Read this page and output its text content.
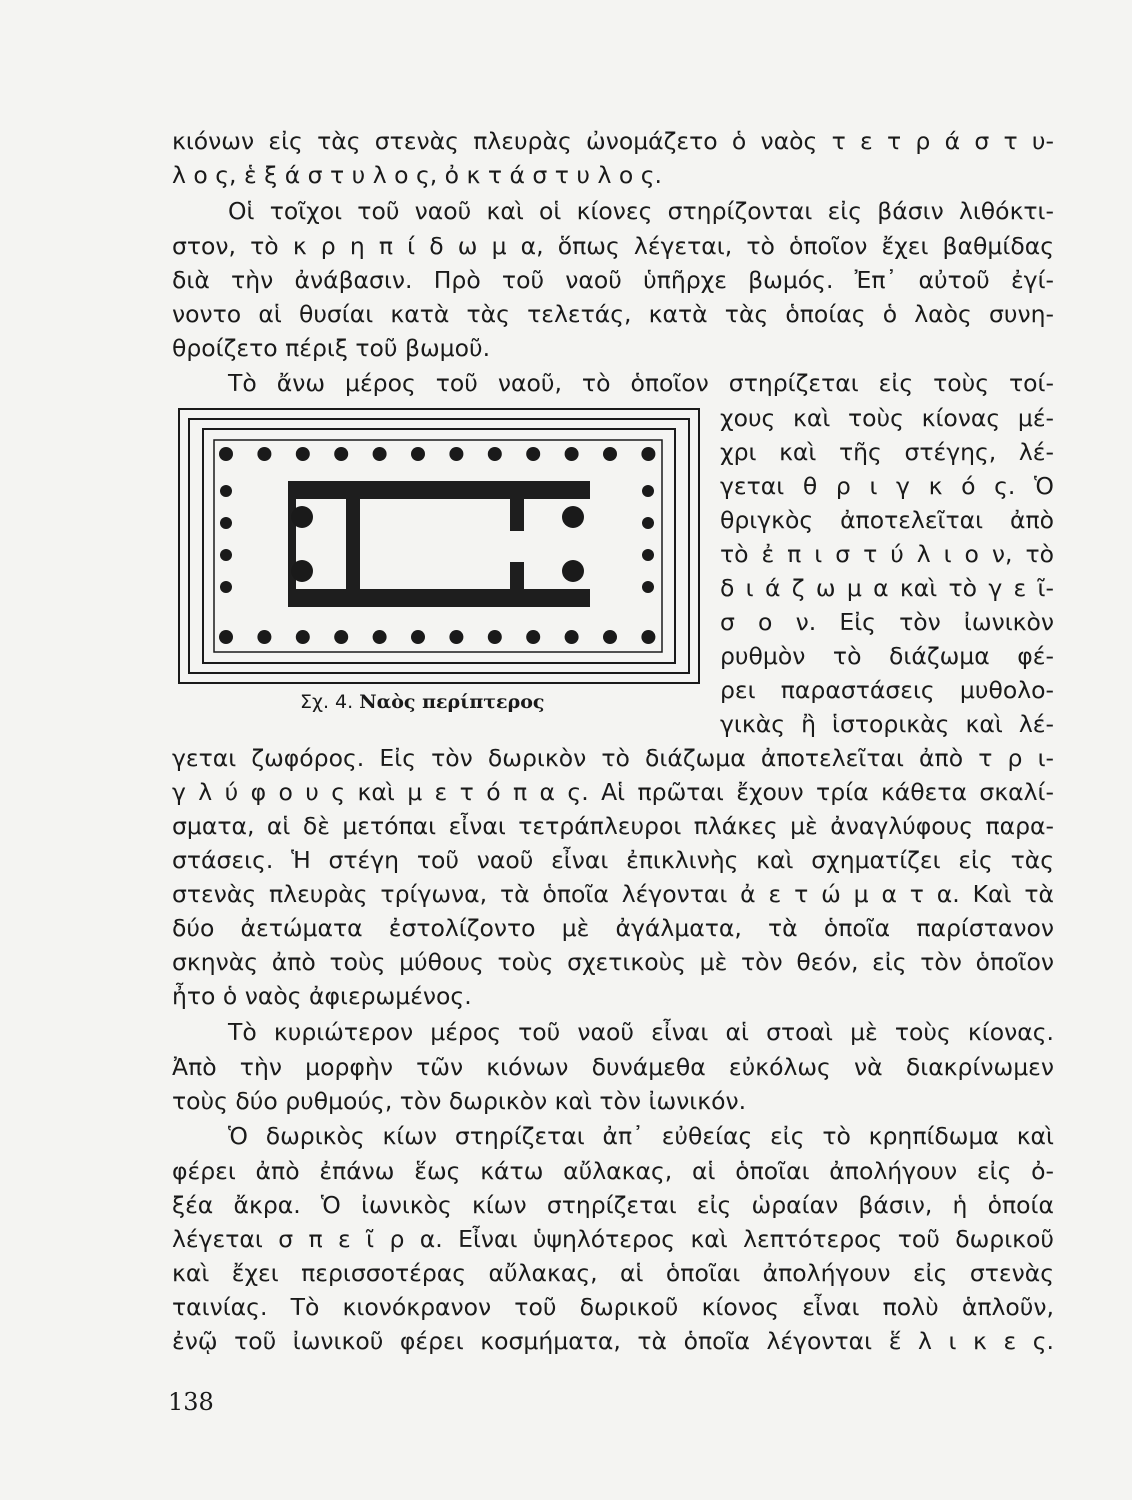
κιόνων εἰς τὰς στενὰς πλευρὰς ὠνομάζετο ὁ ναὸς τ ε τ ρ ά σ τ υ-
λ ο ς, ἑ ξ ά σ τ υ λ ο ς, ὀ κ τ ά σ τ υ λ ο ς.
Οἱ τοῖχοι τοῦ ναοῦ καὶ οἱ κίονες στηρίζονται εἰς βάσιν λιθόκτι-
στον, τὸ κ ρ η π ί δ ω μ α, ὅπως λέγεται, τὸ ὁποῖον ἔχει βαθμίδας
διὰ τὴν ἀνάβασιν. Πρὸ τοῦ ναοῦ ὑπῆρχε βωμός. Ἐπ᾽ αὐτοῦ ἐγί-
νοντο αἱ θυσίαι κατὰ τὰς τελετάς, κατὰ τὰς ὁποίας ὁ λαὸς συνη-
θροίζετο πέριξ τοῦ βωμοῦ.
Τὸ ἄνω μέρος τοῦ ναοῦ, τὸ ὁποῖον στηρίζεται εἰς τοὺς τοί-
χους καὶ τοὺς κίονας μέ-
χρι καὶ τῆς στέγης, λέ-
γεται θ ρ ι γ κ ό ς. Ὁ
θριγκὸς ἀποτελεῖται ἀπὸ
τὸ ἐ π ι σ τ ύ λ ι ο ν, τὸ
δ ι ά ζ ω μ α καὶ τὸ γ ε ῖ-
σ ο ν. Εἰς τὸν ἰωνικὸν
ρυθμὸν τὸ διάζωμα φέ-
ρει παραστάσεις μυθολο-
γικὰς ἢ ἱστορικὰς καὶ λέ-
Σχ. 4. Ναὸς περίπτερος
γεται ζωφόρος. Εἰς τὸν δωρικὸν τὸ διάζωμα ἀποτελεῖται ἀπὸ τ ρ ι-
γ λ ύ φ ο υ ς καὶ μ ε τ ό π α ς. Αἱ πρῶται ἔχουν τρία κάθετα σκαλί-
σματα, αἱ δὲ μετόπαι εἶναι τετράπλευροι πλάκες μὲ ἀναγλύφους παρα-
στάσεις. Ἡ στέγη τοῦ ναοῦ εἶναι ἐπικλινὴς καὶ σχηματίζει εἰς τὰς
στενὰς πλευρὰς τρίγωνα, τὰ ὁποῖα λέγονται ἀ ε τ ώ μ α τ α. Καὶ τὰ
δύο ἀετώματα ἐστολίζοντο μὲ ἀγάλματα, τὰ ὁποῖα παρίστανον
σκηνὰς ἀπὸ τοὺς μύθους τοὺς σχετικοὺς μὲ τὸν θεόν, εἰς τὸν ὁποῖον
ἦτο ὁ ναὸς ἀφιερωμένος.
Τὸ κυριώτερον μέρος τοῦ ναοῦ εἶναι αἱ στοαὶ μὲ τοὺς κίονας.
Ἀπὸ τὴν μορφὴν τῶν κιόνων δυνάμεθα εὐκόλως νὰ διακρίνωμεν
τοὺς δύο ρυθμούς, τὸν δωρικὸν καὶ τὸν ἰωνικόν.
Ὁ δωρικὸς κίων στηρίζεται ἀπ᾽ εὐθείας εἰς τὸ κρηπίδωμα καὶ
φέρει ἀπὸ ἐπάνω ἕως κάτω αὔλακας, αἱ ὁποῖαι ἀπολήγουν εἰς ὀ-
ξέα ἄκρα. Ὁ ἰωνικὸς κίων στηρίζεται εἰς ὡραίαν βάσιν, ἡ ὁποία
λέγεται σ π ε ῖ ρ α. Εἶναι ὑψηλότερος καὶ λεπτότερος τοῦ δωρικοῦ
καὶ ἔχει περισσοτέρας αὔλακας, αἱ ὁποῖαι ἀπολήγουν εἰς στενὰς
ταινίας. Τὸ κιονόκρανον τοῦ δωρικοῦ κίονος εἶναι πολὺ ἁπλοῦν,
ἐνῷ τοῦ ἰωνικοῦ φέρει κοσμήματα, τὰ ὁποῖα λέγονται ἕ λ ι κ ε ς.
138
